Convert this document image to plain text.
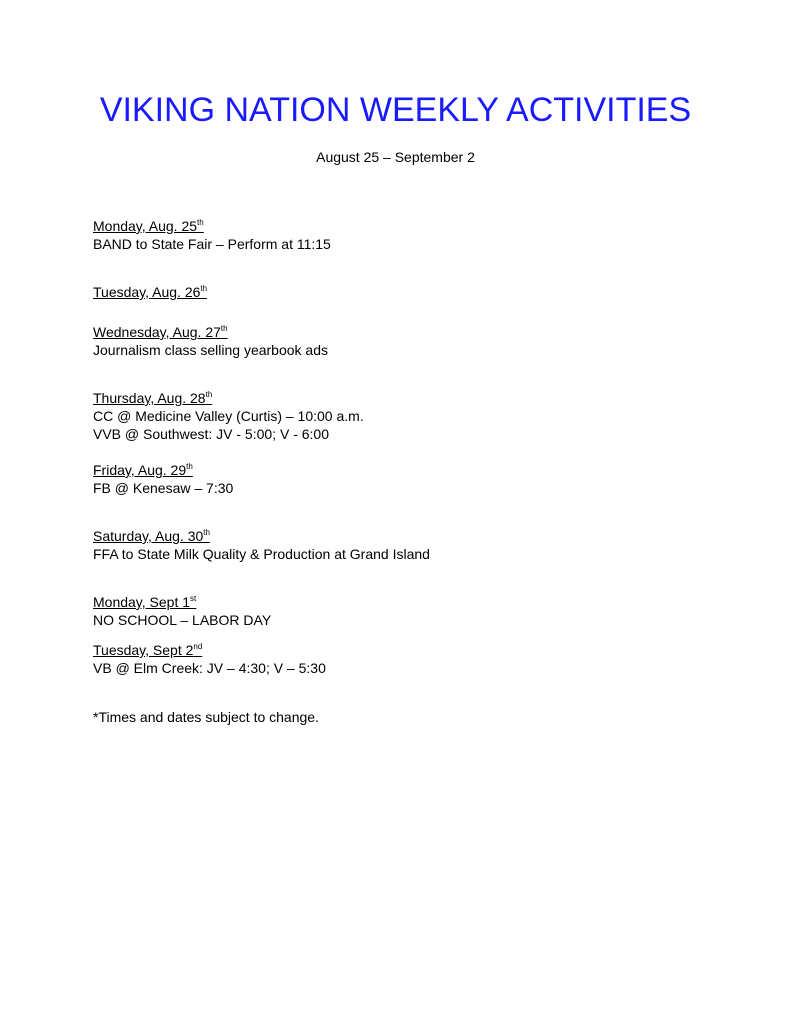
VIKING NATION WEEKLY ACTIVITIES
August 25 – September 2
Monday, Aug. 25th
BAND to State Fair – Perform at 11:15
Tuesday, Aug. 26th
Wednesday, Aug. 27th
Journalism class selling yearbook ads
Thursday, Aug. 28th
CC @ Medicine Valley (Curtis) – 10:00 a.m.
VVB @ Southwest: JV - 5:00; V - 6:00
Friday, Aug. 29th
FB @ Kenesaw – 7:30
Saturday, Aug. 30th
FFA to State Milk Quality & Production at Grand Island
Monday, Sept 1st
NO SCHOOL – LABOR DAY
Tuesday, Sept 2nd
VB @ Elm Creek: JV – 4:30; V – 5:30
*Times and dates subject to change.
